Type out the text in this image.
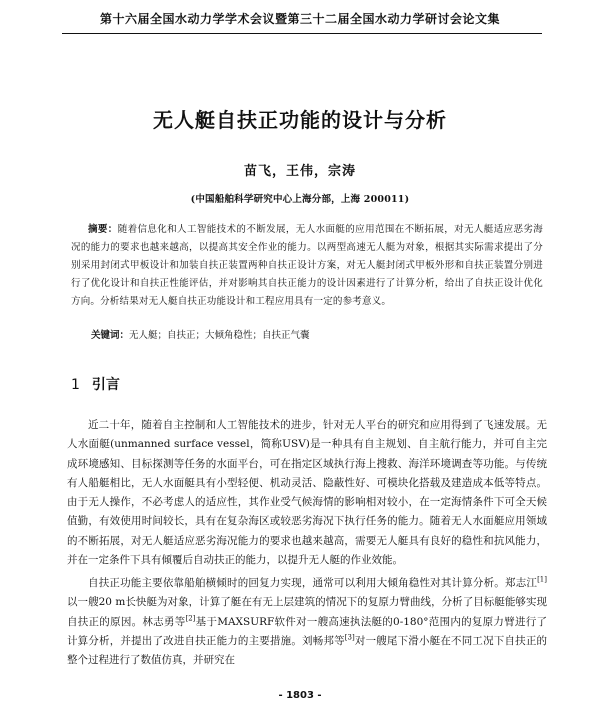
第十六届全国水动力学学术会议暨第三十二届全国水动力学研讨会论文集
无人艇自扶正功能的设计与分析
苗飞，王伟，宗涛
(中国船舶科学研究中心上海分部，上海 200011)

摘要：随着信息化和人工智能技术的不断发展，无人水面艇的应用范围在不断拓展，对无人艇适应恶劣海况的能力的要求也越来越高，以提高其安全作业的能力。以两型高速无人艇为对象，根据其实际需求提出了分别采用封闭式甲板设计和加装自扶正装置两种自扶正设计方案，对无人艇封闭式甲板外形和自扶正装置分别进行了优化设计和自扶正性能评估，并对影响其自扶正能力的设计因素进行了计算分析，给出了自扶正设计优化方向。分析结果对无人艇自扶正功能设计和工程应用具有一定的参考意义。

关键词：无人艇；自扶正；大倾角稳性；自扶正气囊

1 引言

近二十年，随着自主控制和人工智能技术的进步，针对无人平台的研究和应用得到了飞速发展。无人水面艇(unmanned surface vessel，简称USV)是一种具有自主规划、自主航行能力，并可自主完成环境感知、目标探测等任务的水面平台，可在指定区域执行海上搜救、海洋环境调查等功能。与传统有人船艇相比，无人水面艇具有小型轻便、机动灵活、隐蔽性好、可模块化搭载及建造成本低等特点。由于无人操作，不必考虑人的适应性，其作业受气候海情的影响相对较小，在一定海情条件下可全天候值勤，有效使用时间较长，具有在复杂海区或较恶劣海况下执行任务的能力。随着无人水面艇应用领域的不断拓展，对无人艇适应恶劣海况能力的要求也越来越高，需要无人艇具有良好的稳性和抗风能力，并在一定条件下具有倾覆后自动扶正的能力，以提升无人艇的作业效能。

自扶正功能主要依靠船舶横倾时的回复力实现，通常可以利用大倾角稳性对其计算分析。郑志江[1]以一艘20 m长快艇为对象，计算了艇在有无上层建筑的情况下的复原力臂曲线，分析了目标艇能够实现自扶正的原因。林志勇等[2]基于MAXSURF软件对一艘高速执法艇的0-180°范围内的复原力臂进行了计算分析，并提出了改进自扶正能力的主要措施。刘畅邦等[3]对一艘尾下滑小艇在不同工况下自扶正的整个过程进行了数值仿真，并研究在

- 1803 -
